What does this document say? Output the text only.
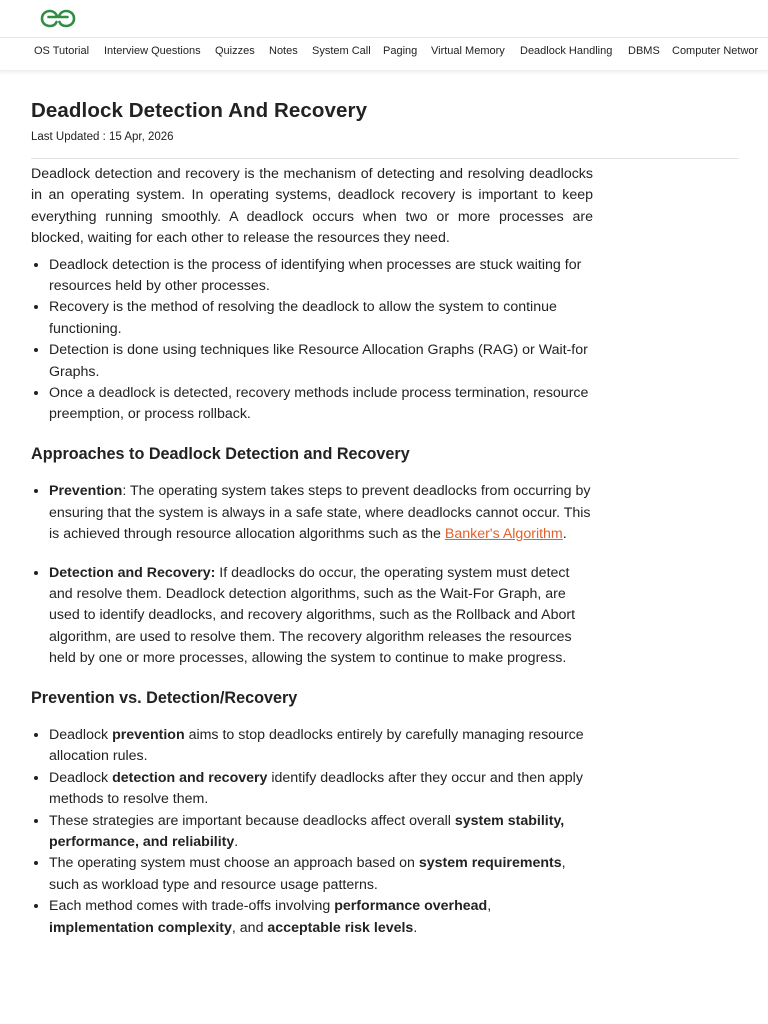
OS Tutorial Interview Questions Quizzes Notes System Call Paging Virtual Memory Deadlock Handling DBMS Computer Networ
Deadlock Detection And Recovery
Last Updated : 15 Apr, 2026

Deadlock detection and recovery is the mechanism of detecting and resolving deadlocks in an operating system. In operating systems, deadlock recovery is important to keep everything running smoothly. A deadlock occurs when two or more processes are blocked, waiting for each other to release the resources they need.

• Deadlock detection is the process of identifying when processes are stuck waiting for resources held by other processes.
• Recovery is the method of resolving the deadlock to allow the system to continue functioning.
• Detection is done using techniques like Resource Allocation Graphs (RAG) or Wait-for Graphs.
• Once a deadlock is detected, recovery methods include process termination, resource preemption, or process rollback.
Approaches to Deadlock Detection and Recovery
• Prevention: The operating system takes steps to prevent deadlocks from occurring by ensuring that the system is always in a safe state, where deadlocks cannot occur. This is achieved through resource allocation algorithms such as the Banker's Algorithm.
• Detection and Recovery: If deadlocks do occur, the operating system must detect and resolve them. Deadlock detection algorithms, such as the Wait-For Graph, are used to identify deadlocks, and recovery algorithms, such as the Rollback and Abort algorithm, are used to resolve them. The recovery algorithm releases the resources held by one or more processes, allowing the system to continue to make progress.
Prevention vs. Detection/Recovery
• Deadlock prevention aims to stop deadlocks entirely by carefully managing resource allocation rules.
• Deadlock detection and recovery identify deadlocks after they occur and then apply methods to resolve them.
• These strategies are important because deadlocks affect overall system stability, performance, and reliability.
• The operating system must choose an approach based on system requirements, such as workload type and resource usage patterns.
• Each method comes with trade-offs involving performance overhead, implementation complexity, and acceptable risk levels.
